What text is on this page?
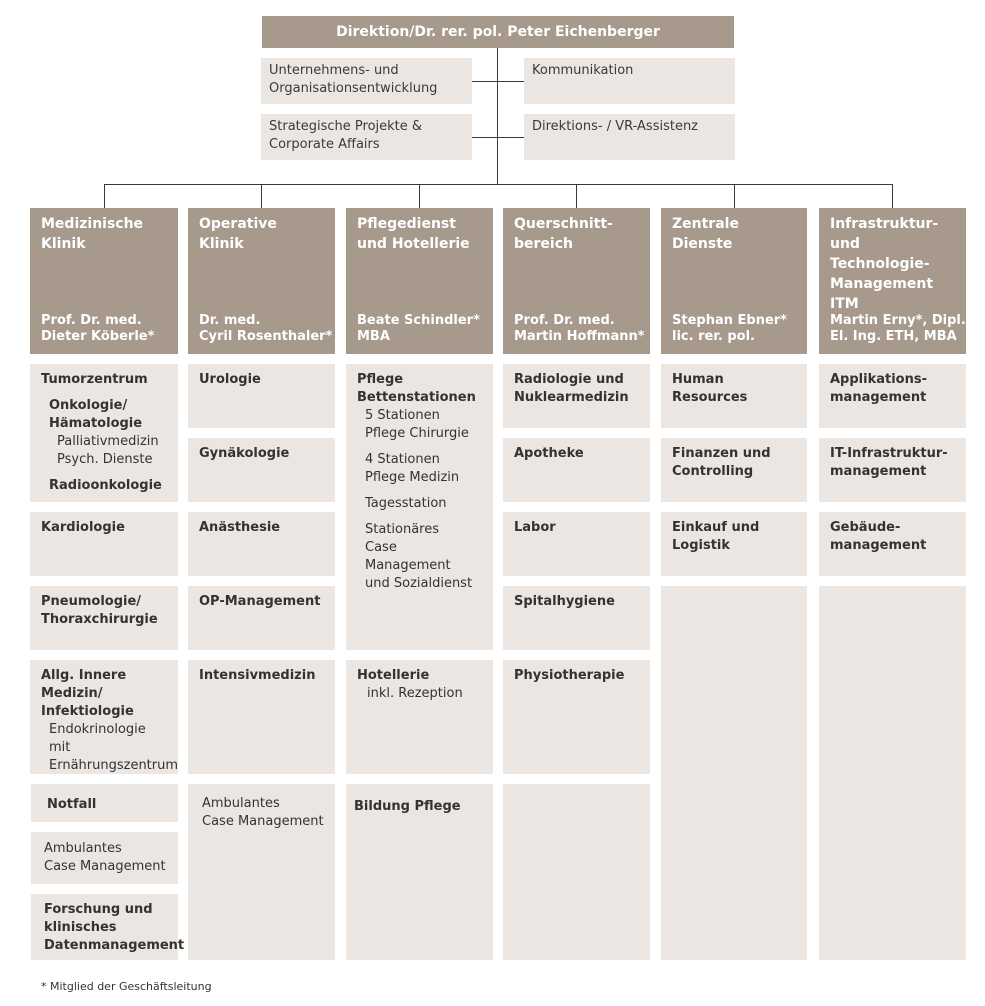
Direktion/Dr. rer. pol. Peter Eichenberger
Unternehmens- und
Organisationsentwicklung
Kommunikation
Strategische Projekte &
Corporate Affairs
Direktions- / VR-Assistenz
Medizinische
Klinik
Prof. Dr. med.
Dieter Köberle*
Operative
Klinik
Dr. med.
Cyril Rosenthaler*
Pflegedienst
und Hotellerie
Beate Schindler*
MBA
Querschnitt-
bereich
Prof. Dr. med.
Martin Hoffmann*
Zentrale
Dienste
Stephan Ebner*
lic. rer. pol.
Infrastruktur-
und Technologie-
Management
ITM
Martin Erny*, Dipl.
El. Ing. ETH, MBA
Tumorzentrum
Onkologie/
Hämatologie
Palliativmedizin
Psych. Dienste
Radioonkologie
Kardiologie
Pneumologie/
Thoraxchirurgie
Allg. Innere
Medizin/
Infektiologie
Endokrinologie mit
Ernährungszentrum
Notfall
Ambulantes
Case Management
Forschung und
klinisches
Datenmanagement
Urologie
Gynäkologie
Anästhesie
OP-Management
Intensivmedizin
Ambulantes
Case Management
Pflege
Bettenstationen
5 Stationen
Pflege Chirurgie
4 Stationen
Pflege Medizin
Tagesstation
Stationäres
Case Management
und Sozialdienst
Hotellerie
inkl. Rezeption
Bildung Pflege
Radiologie und
Nuklearmedizin
Apotheke
Labor
Spitalhygiene
Physiotherapie
Human Resources
Finanzen und
Controlling
Einkauf und
Logistik
Applikations-
management
IT-Infrastruktur-
management
Gebäude-
management
* Mitglied der Geschäftsleitung
